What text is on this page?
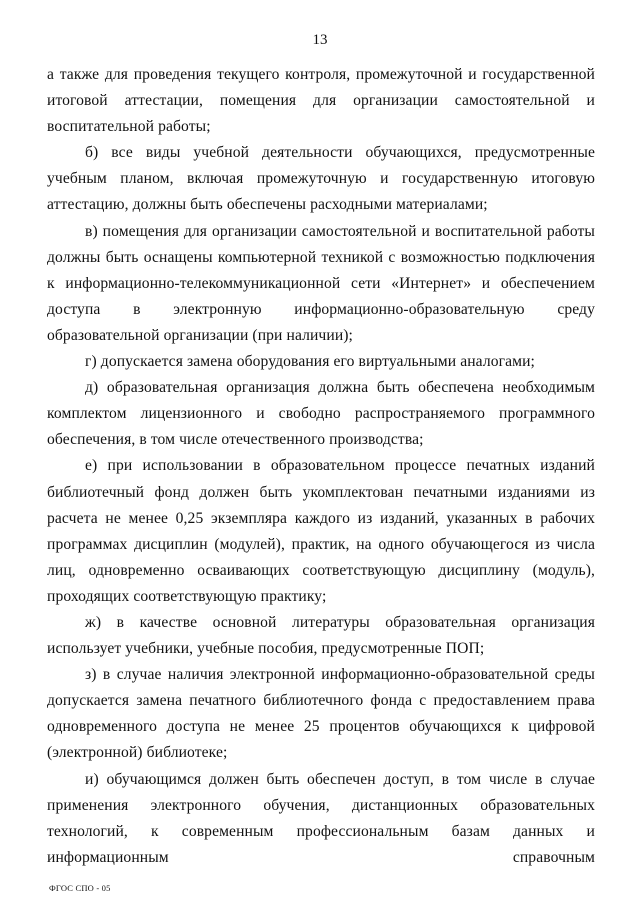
13

а также для проведения текущего контроля, промежуточной и государственной итоговой аттестации, помещения для организации самостоятельной и воспитательной работы;

б) все виды учебной деятельности обучающихся, предусмотренные учебным планом, включая промежуточную и государственную итоговую аттестацию, должны быть обеспечены расходными материалами;

в) помещения для организации самостоятельной и воспитательной работы должны быть оснащены компьютерной техникой с возможностью подключения к информационно-телекоммуникационной сети «Интернет» и обеспечением доступа в электронную информационно-образовательную среду образовательной организации (при наличии);

г) допускается замена оборудования его виртуальными аналогами;

д) образовательная организация должна быть обеспечена необходимым комплектом лицензионного и свободно распространяемого программного обеспечения, в том числе отечественного производства;

е) при использовании в образовательном процессе печатных изданий библиотечный фонд должен быть укомплектован печатными изданиями из расчета не менее 0,25 экземпляра каждого из изданий, указанных в рабочих программах дисциплин (модулей), практик, на одного обучающегося из числа лиц, одновременно осваивающих соответствующую дисциплину (модуль), проходящих соответствующую практику;

ж) в качестве основной литературы образовательная организация использует учебники, учебные пособия, предусмотренные ПОП;

з) в случае наличия электронной информационно-образовательной среды допускается замена печатного библиотечного фонда с предоставлением права одновременного доступа не менее 25 процентов обучающихся к цифровой (электронной) библиотеке;

и) обучающимся должен быть обеспечен доступ, в том числе в случае применения электронного обучения, дистанционных образовательных технологий, к современным профессиональным базам данных и информационным справочным

ФГОС СПО - 05
